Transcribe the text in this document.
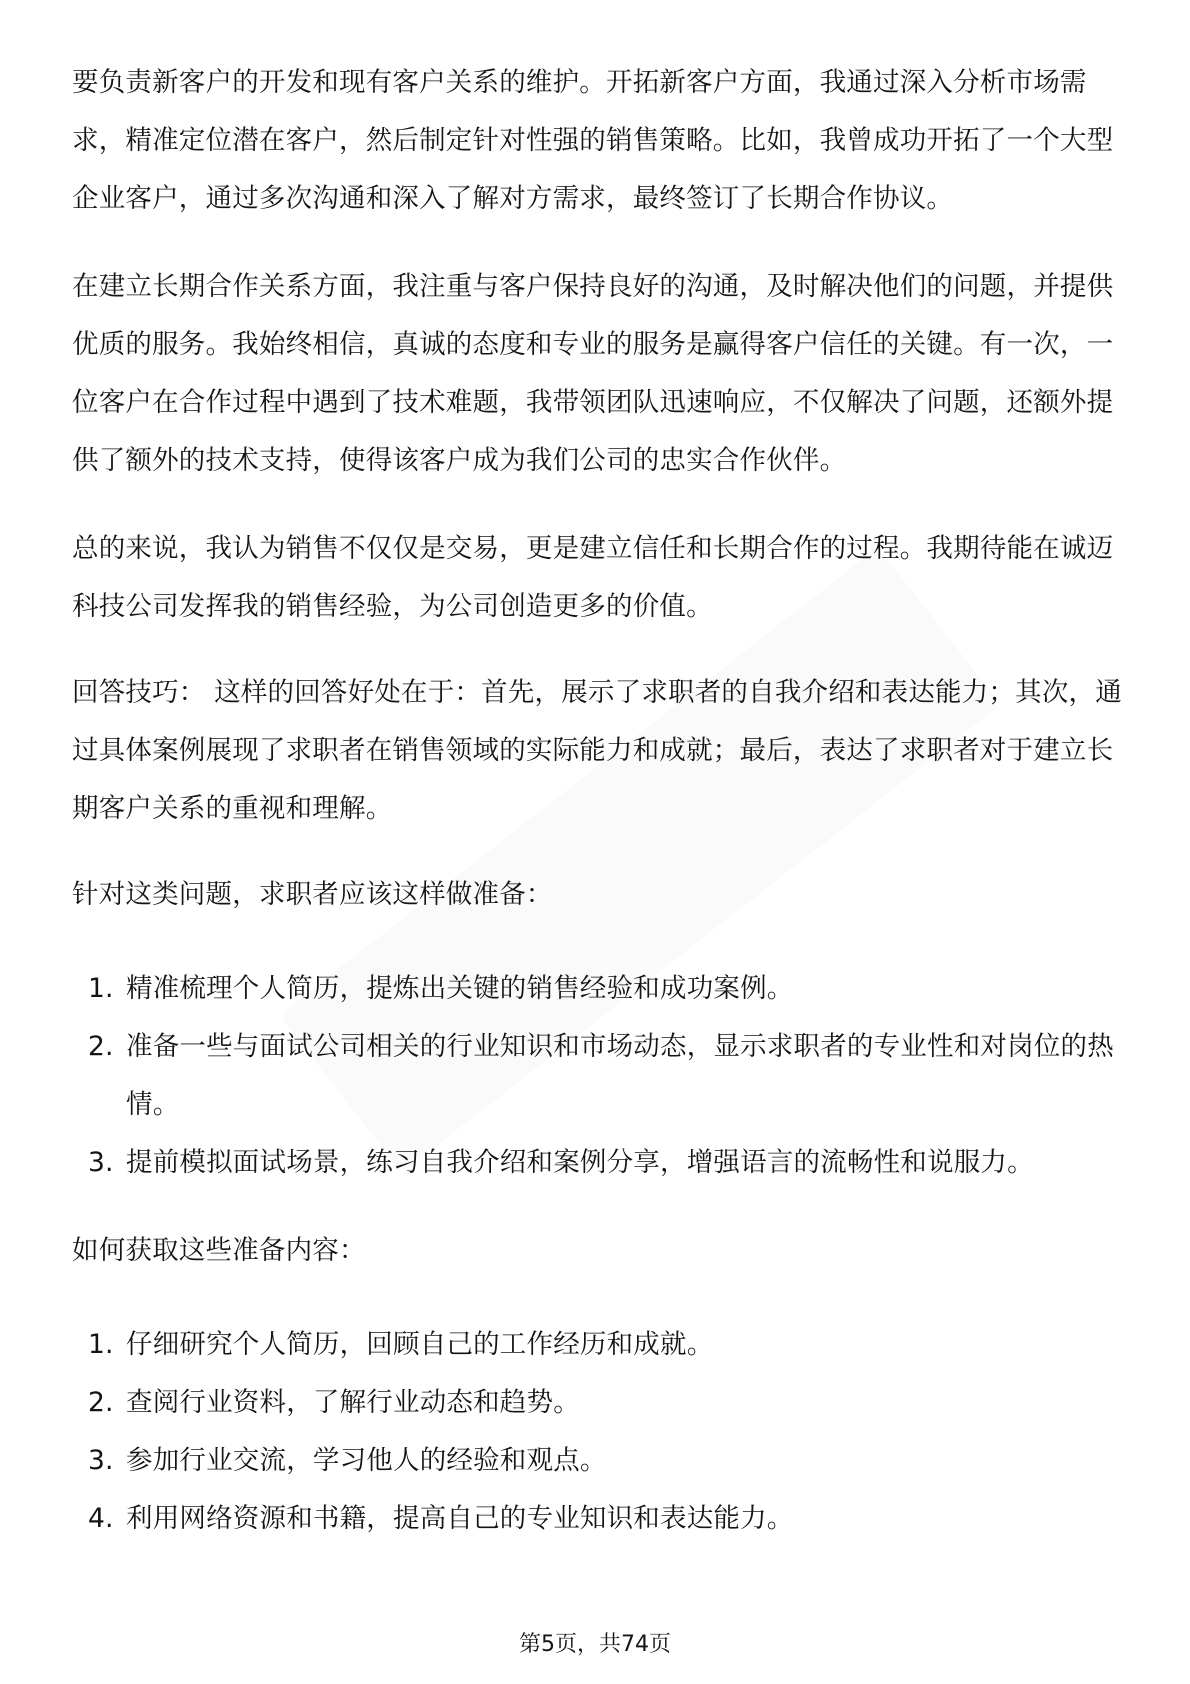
要负责新客户的开发和现有客户关系的维护。开拓新客户方面，我通过深入分析市场需求，精准定位潜在客户，然后制定针对性强的销售策略。比如，我曾成功开拓了一个大型企业客户，通过多次沟通和深入了解对方需求，最终签订了长期合作协议。

在建立长期合作关系方面，我注重与客户保持良好的沟通，及时解决他们的问题，并提供优质的服务。我始终相信，真诚的态度和专业的服务是赢得客户信任的关键。有一次，一位客户在合作过程中遇到了技术难题，我带领团队迅速响应，不仅解决了问题，还额外提供了额外的技术支持，使得该客户成为我们公司的忠实合作伙伴。

总的来说，我认为销售不仅仅是交易，更是建立信任和长期合作的过程。我期待能在诚迈科技公司发挥我的销售经验，为公司创造更多的价值。

回答技巧： 这样的回答好处在于：首先，展示了求职者的自我介绍和表达能力；其次，通过具体案例展现了求职者在销售领域的实际能力和成就；最后，表达了求职者对于建立长期客户关系的重视和理解。

针对这类问题，求职者应该这样做准备：

1. 精准梳理个人简历，提炼出关键的销售经验和成功案例。
2. 准备一些与面试公司相关的行业知识和市场动态，显示求职者的专业性和对岗位的热情。
3. 提前模拟面试场景，练习自我介绍和案例分享，增强语言的流畅性和说服力。

如何获取这些准备内容：

1. 仔细研究个人简历，回顾自己的工作经历和成就。
2. 查阅行业资料，了解行业动态和趋势。
3. 参加行业交流，学习他人的经验和观点。
4. 利用网络资源和书籍，提高自己的专业知识和表达能力。
第5页，共74页
